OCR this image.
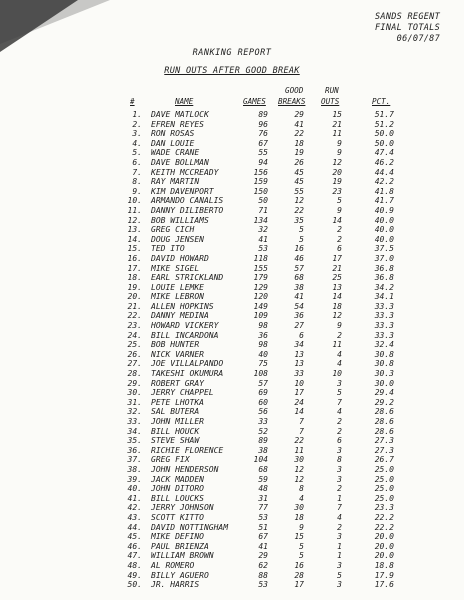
SANDS REGENT
FINAL TOTALS
06/07/87
RANKING REPORT
RUN OUTS AFTER GOOD BREAK
#	NAME	GAMES
GOOD
BREAKS
RUN
OUTS	PCT.
1. DAVE MATLOCK	89	29	15	51.7
2. EFREN REYES	96	41	21	51.2
3. RON ROSAS	76	22	11	50.0
4. DAN LOUIE	67	18	9	50.0
5. WADE CRANE	55	19	9	47.4
6. DAVE BOLLMAN	94	26	12	46.2
7. KEITH MCCREADY	156	45	20	44.4
8. RAY MARTIN	159	45	19	42.2
9. KIM DAVENPORT	150	55	23	41.8
10. ARMANDO CANALIS	50	12	5	41.7
11. DANNY DILIBERTO	71	22	9	40.9
12. BOB WILLIAMS	134	35	14	40.0
13. GREG CICH	32	5	2	40.0
14. DOUG JENSEN	41	5	2	40.0
15. TED ITO	53	16	6	37.5
16. DAVID HOWARD	118	46	17	37.0
17. MIKE SIGEL	155	57	21	36.8
18. EARL STRICKLAND	179	68	25	36.8
19. LOUIE LEMKE	129	38	13	34.2
20. MIKE LEBRON	120	41	14	34.1
21. ALLEN HOPKINS	149	54	18	33.3
22. DANNY MEDINA	109	36	12	33.3
23. HOWARD VICKERY	98	27	9	33.3
24. BILL INCARDONA	36	6	2	33.3
25. BOB HUNTER	98	34	11	32.4
26. NICK VARNER	40	13	4	30.8
27. JOE VILLALPANDO	75	13	4	30.8
28. TAKESHI OKUMURA	108	33	10	30.3
29. ROBERT GRAY	57	10	3	30.0
30. JERRY CHAPPEL	69	17	5	29.4
31. PETE LHOTKA	60	24	7	29.2
32. SAL BUTERA	56	14	4	28.6
33. JOHN MILLER	33	7	2	28.6
34. BILL HOUCK	52	7	2	28.6
35. STEVE SHAW	89	22	6	27.3
36. RICHIE FLORENCE	38	11	3	27.3
37. GREG FIX	104	30	8	26.7
38. JOHN HENDERSON	68	12	3	25.0
39. JACK MADDEN	59	12	3	25.0
40. JOHN DITORO	48	8	2	25.0
41. BILL LOUCKS	31	4	1	25.0
42. JERRY JOHNSON	77	30	7	23.3
43. SCOTT KITTO	53	18	4	22.2
44. DAVID NOTTINGHAM	51	9	2	22.2
45. MIKE DEFINO	67	15	3	20.0
46. PAUL BRIENZA	41	5	1	20.0
47. WILLIAM BROWN	29	5	1	20.0
48. AL ROMERO	62	16	3	18.8
49. BILLY AGUERO	88	28	5	17.9
50. JR. HARRIS	53	17	3	17.6
